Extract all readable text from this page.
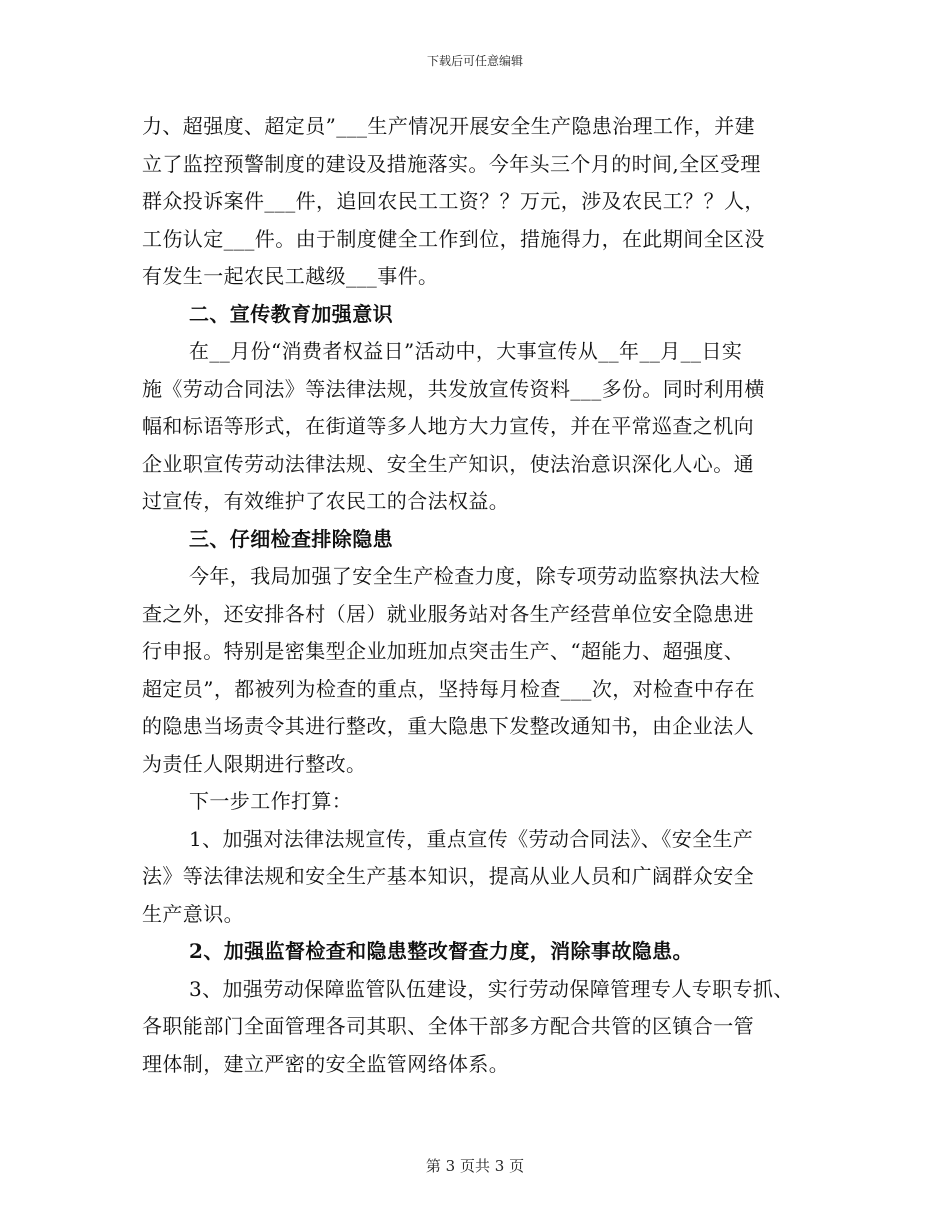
下载后可任意编辑
力、超强度、超定员”___生产情况开展安全生产隐患治理工作，并建
立了监控预警制度的建设及措施落实。今年头三个月的时间,全区受理
群众投诉案件___件，追回农民工工资？？万元，涉及农民工？？人，
工伤认定___件。由于制度健全工作到位，措施得力，在此期间全区没
有发生一起农民工越级___事件。
二、宣传教育加强意识
在__月份“消费者权益日”活动中，大事宣传从__年__月__日实
施《劳动合同法》等法律法规，共发放宣传资料___多份。同时利用横
幅和标语等形式，在街道等多人地方大力宣传，并在平常巡查之机向
企业职宣传劳动法律法规、安全生产知识，使法治意识深化人心。通
过宣传，有效维护了农民工的合法权益。
三、仔细检查排除隐患
今年，我局加强了安全生产检查力度，除专项劳动监察执法大检
查之外，还安排各村（居）就业服务站对各生产经营单位安全隐患进
行申报。特别是密集型企业加班加点突击生产、“超能力、超强度、
超定员”，都被列为检查的重点，坚持每月检查___次，对检查中存在
的隐患当场责令其进行整改，重大隐患下发整改通知书，由企业法人
为责任人限期进行整改。
下一步工作打算：
1、加强对法律法规宣传，重点宣传《劳动合同法》、《安全生产
法》等法律法规和安全生产基本知识，提高从业人员和广阔群众安全
生产意识。
2、加强监督检查和隐患整改督查力度，消除事故隐患。
3、加强劳动保障监管队伍建设，实行劳动保障管理专人专职专抓、
各职能部门全面管理各司其职、全体干部多方配合共管的区镇合一管
理体制，建立严密的安全监管网络体系。
第 3 页共 3 页
